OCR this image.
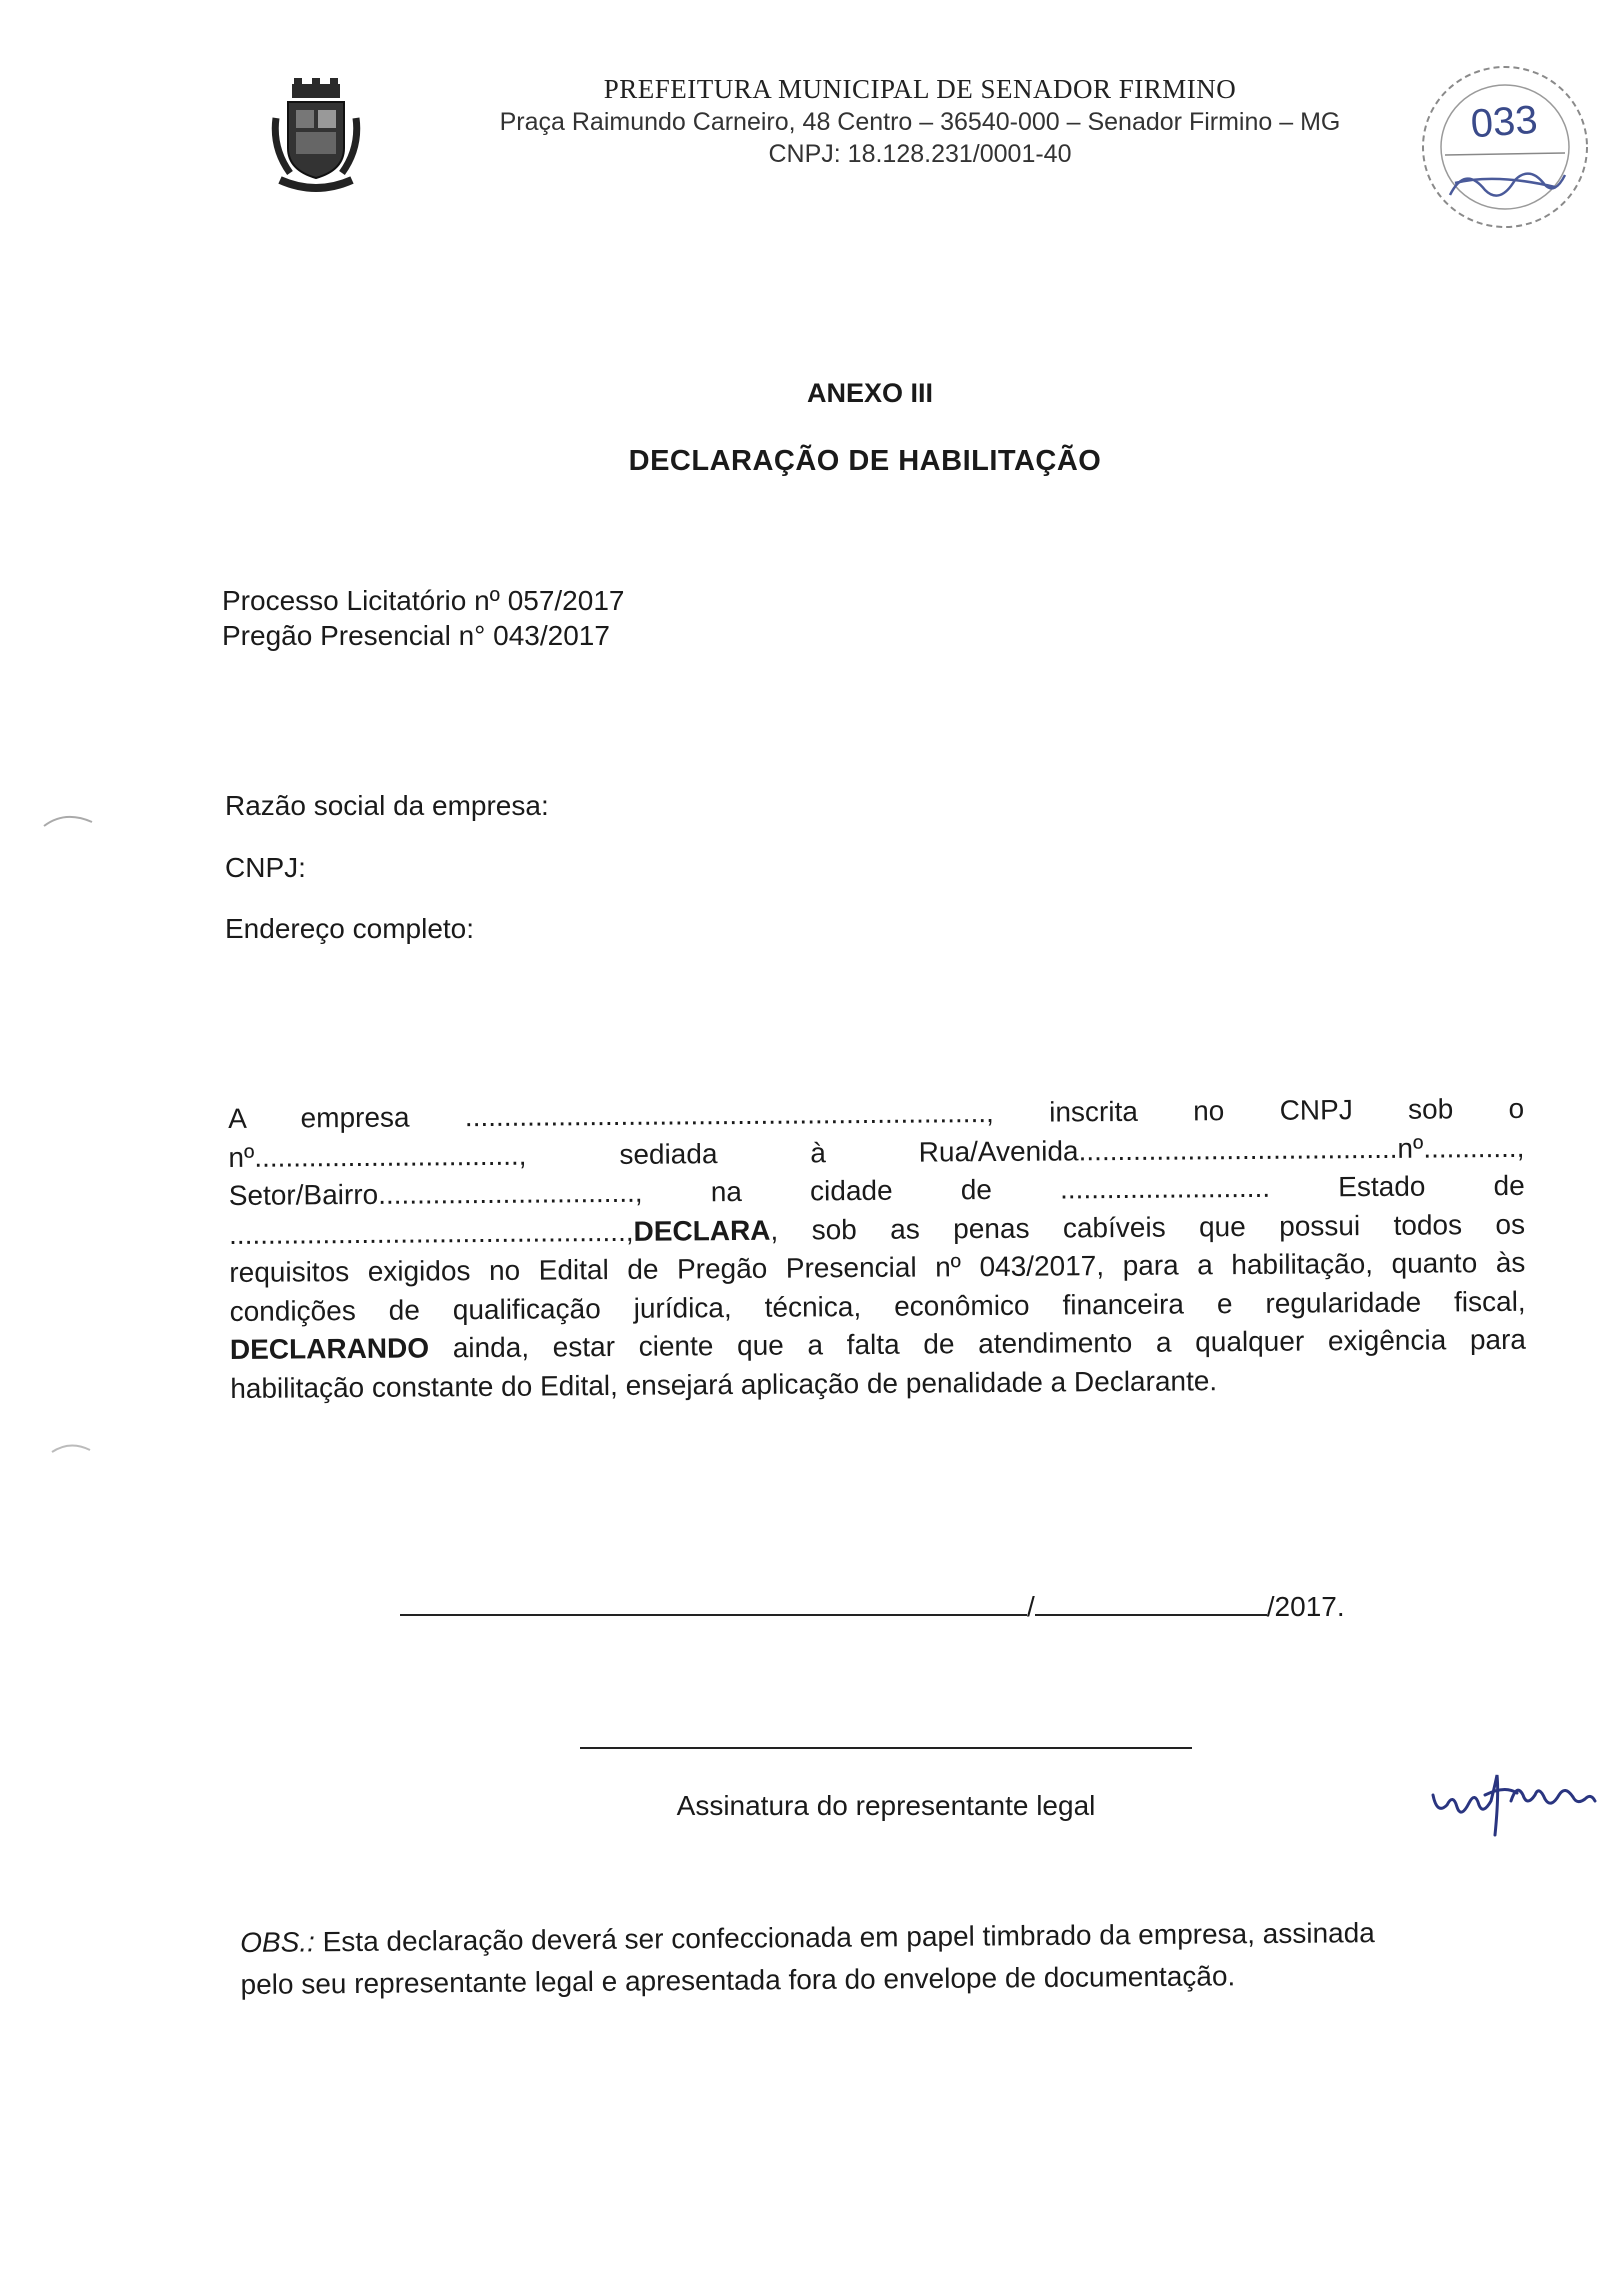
PREFEITURA MUNICIPAL DE SENADOR FIRMINO
Praça Raimundo Carneiro, 48 Centro – 36540-000 – Senador Firmino – MG
CNPJ: 18.128.231/0001-40
033
ANEXO III
DECLARAÇÃO DE HABILITAÇÃO
Processo Licitatório nº 057/2017
Pregão Presencial n° 043/2017
Razão social da empresa:
CNPJ:
Endereço completo:

A empresa ..................................................................., inscrita no CNPJ sob o

nº.................................., sediada à Rua/Avenida.........................................nº............,

Setor/Bairro................................., na cidade de ........................... Estado de

...................................................,DECLARA, sob as penas cabíveis que possui todos os

requisitos exigidos no Edital de Pregão Presencial nº 043/2017, para a habilitação, quanto às

condições de qualificação jurídica, técnica, econômico financeira e regularidade fiscal,

DECLARANDO ainda, estar ciente que a falta de atendimento a qualquer exigência para

habilitação constante do Edital, ensejará aplicação de penalidade a Declarante.

/	/2017.
Assinatura do representante legal
OBS.: Esta declaração deverá ser confeccionada em papel timbrado da empresa, assinada
pelo seu representante legal e apresentada fora do envelope de documentação.
